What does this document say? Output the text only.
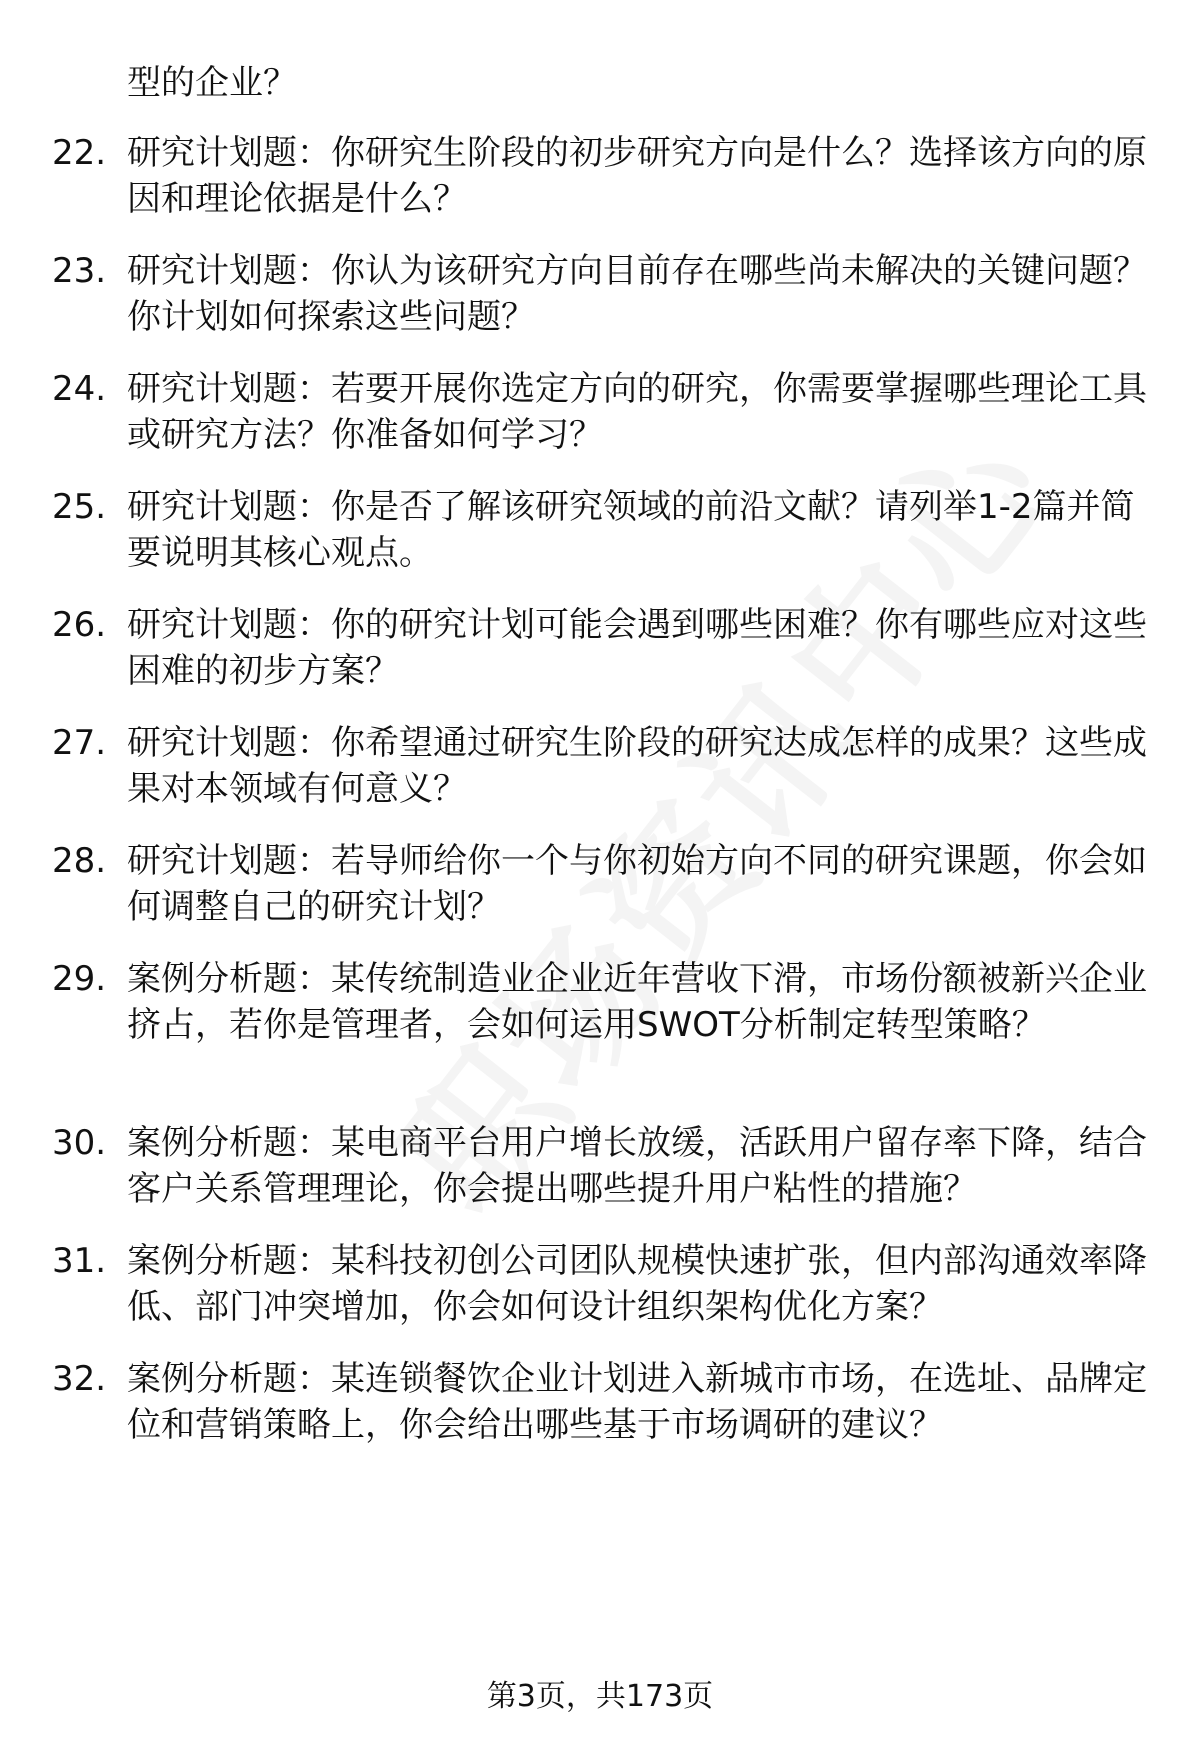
型的企业？
22. 研究计划题：你研究生阶段的初步研究方向是什么？选择该方向的原因和理论依据是什么？
23. 研究计划题：你认为该研究方向目前存在哪些尚未解决的关键问题？你计划如何探索这些问题？
24. 研究计划题：若要开展你选定方向的研究，你需要掌握哪些理论工具或研究方法？你准备如何学习？
25. 研究计划题：你是否了解该研究领域的前沿文献？请列举1-2篇并简要说明其核心观点。
26. 研究计划题：你的研究计划可能会遇到哪些困难？你有哪些应对这些困难的初步方案？
27. 研究计划题：你希望通过研究生阶段的研究达成怎样的成果？这些成果对本领域有何意义？
28. 研究计划题：若导师给你一个与你初始方向不同的研究课题，你会如何调整自己的研究计划？
29. 案例分析题：某传统制造业企业近年营收下滑，市场份额被新兴企业挤占，若你是管理者，会如何运用SWOT分析制定转型策略？
30. 案例分析题：某电商平台用户增长放缓，活跃用户留存率下降，结合客户关系管理理论，你会提出哪些提升用户粘性的措施？
31. 案例分析题：某科技初创公司团队规模快速扩张，但内部沟通效率降低、部门冲突增加，你会如何设计组织架构优化方案？
32. 案例分析题：某连锁餐饮企业计划进入新城市市场，在选址、品牌定位和营销策略上，你会给出哪些基于市场调研的建议？
第3页，共173页
